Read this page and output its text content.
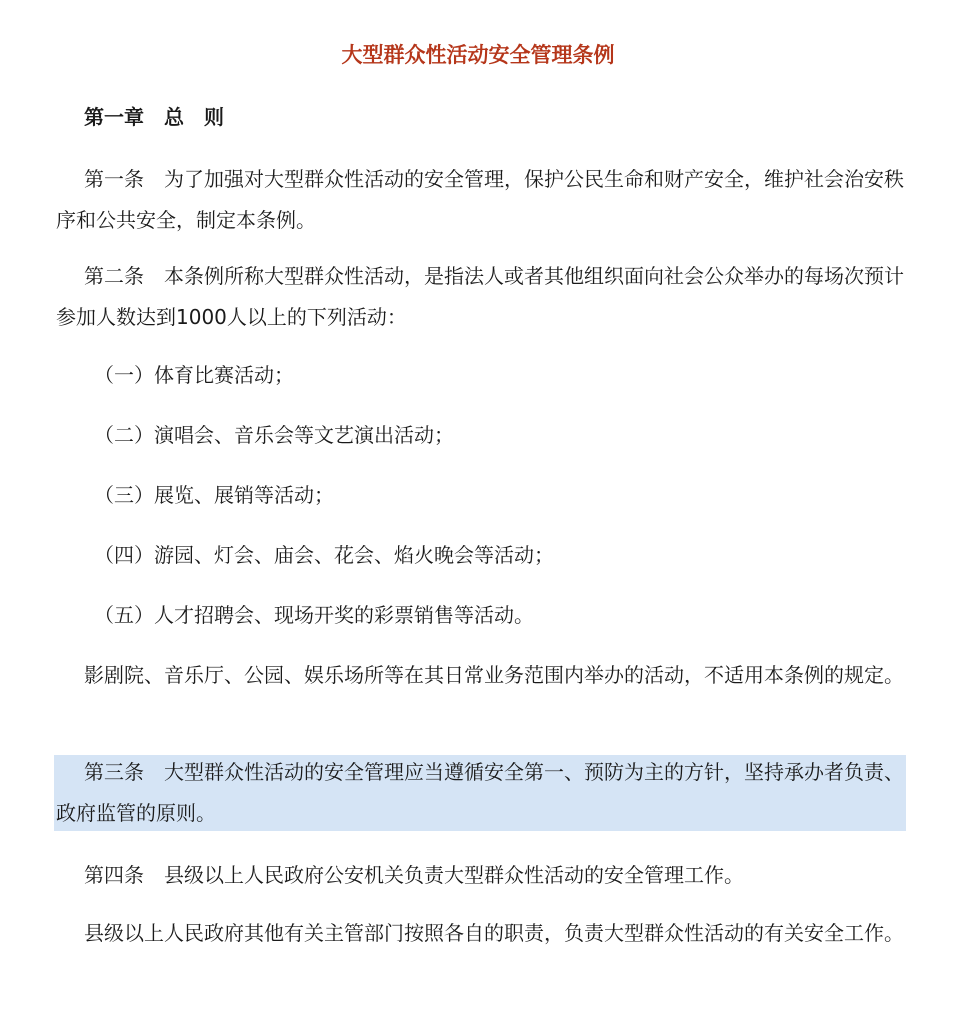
大型群众性活动安全管理条例
第一章　总　则

第一条　为了加强对大型群众性活动的安全管理，保护公民生命和财产安全，维护社会治安秩序和公共安全，制定本条例。

第二条　本条例所称大型群众性活动，是指法人或者其他组织面向社会公众举办的每场次预计参加人数达到1000人以上的下列活动：

（一）体育比赛活动；

（二）演唱会、音乐会等文艺演出活动；

（三）展览、展销等活动；

（四）游园、灯会、庙会、花会、焰火晚会等活动；

（五）人才招聘会、现场开奖的彩票销售等活动。

影剧院、音乐厅、公园、娱乐场所等在其日常业务范围内举办的活动，不适用本条例的规定。

第三条　大型群众性活动的安全管理应当遵循安全第一、预防为主的方针，坚持承办者负责、政府监管的原则。

第四条　县级以上人民政府公安机关负责大型群众性活动的安全管理工作。

县级以上人民政府其他有关主管部门按照各自的职责，负责大型群众性活动的有关安全工作。
